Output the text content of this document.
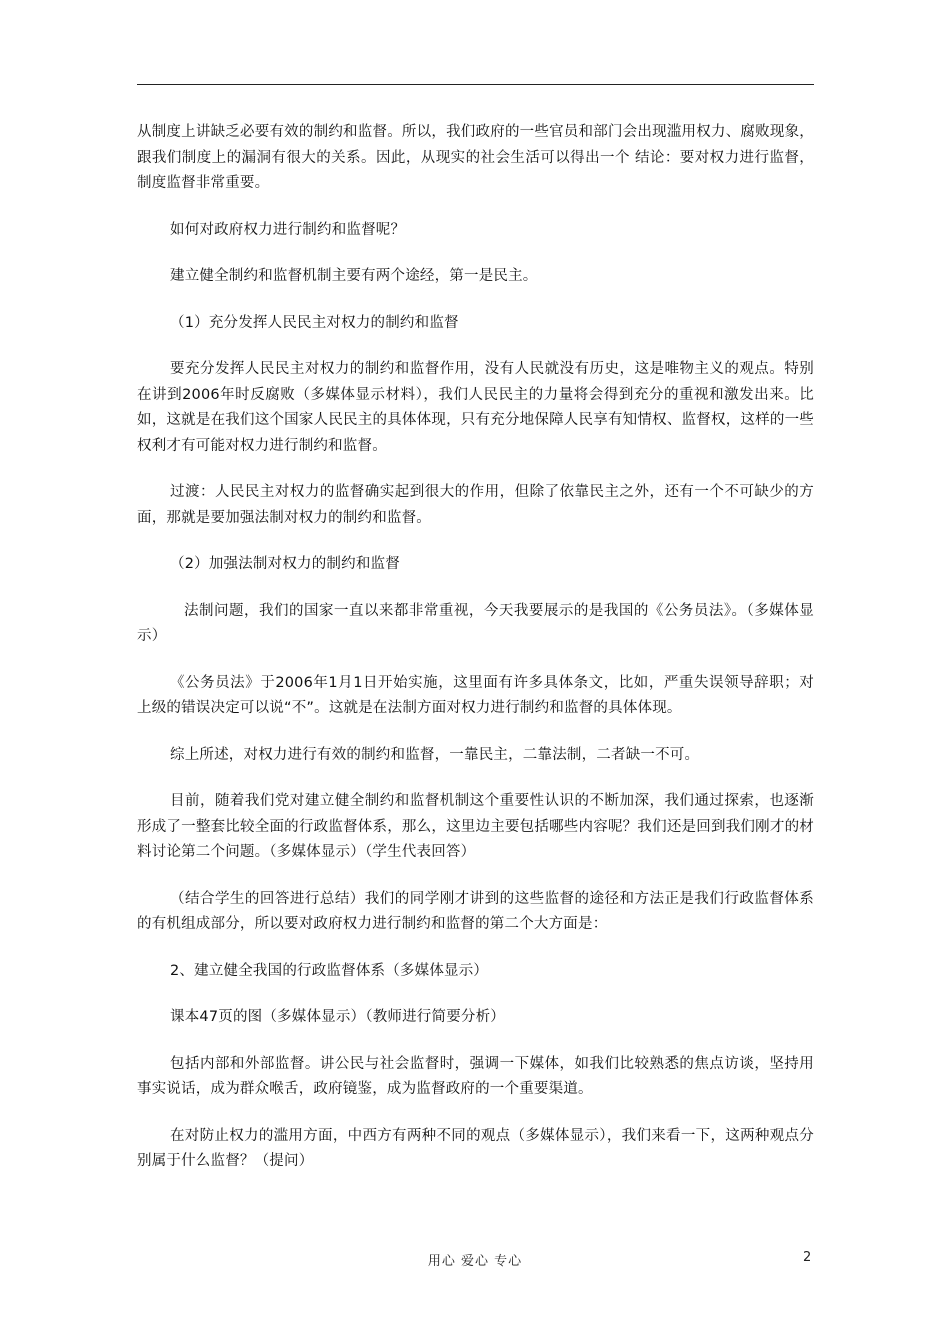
从制度上讲缺乏必要有效的制约和监督。所以，我们政府的一些官员和部门会出现滥用权力、腐败现象，跟我们制度上的漏洞有很大的关系。因此，从现实的社会生活可以得出一个 结论：要对权力进行监督，制度监督非常重要。

如何对政府权力进行制约和监督呢？

建立健全制约和监督机制主要有两个途经，第一是民主。

（1）充分发挥人民民主对权力的制约和监督

要充分发挥人民民主对权力的制约和监督作用，没有人民就没有历史，这是唯物主义的观点。特别在讲到2006年时反腐败（多媒体显示材料），我们人民民主的力量将会得到充分的重视和激发出来。比如，这就是在我们这个国家人民民主的具体体现，只有充分地保障人民享有知情权、监督权，这样的一些权利才有可能对权力进行制约和监督。

过渡：人民民主对权力的监督确实起到很大的作用，但除了依靠民主之外，还有一个不可缺少的方面，那就是要加强法制对权力的制约和监督。

（2）加强法制对权力的制约和监督

法制问题，我们的国家一直以来都非常重视，今天我要展示的是我国的《公务员法》。（多媒体显示）

《公务员法》于2006年1月1日开始实施，这里面有许多具体条文，比如，严重失误领导辞职；对上级的错误决定可以说“不”。这就是在法制方面对权力进行制约和监督的具体体现。

综上所述，对权力进行有效的制约和监督，一靠民主，二靠法制，二者缺一不可。

目前，随着我们党对建立健全制约和监督机制这个重要性认识的不断加深，我们通过探索，也逐渐形成了一整套比较全面的行政监督体系，那么，这里边主要包括哪些内容呢？我们还是回到我们刚才的材料讨论第二个问题。（多媒体显示）（学生代表回答）

（结合学生的回答进行总结）我们的同学刚才讲到的这些监督的途径和方法正是我们行政监督体系的有机组成部分，所以要对政府权力进行制约和监督的第二个大方面是：

2、建立健全我国的行政监督体系（多媒体显示）

课本47页的图（多媒体显示）（教师进行简要分析）

包括内部和外部监督。讲公民与社会监督时，强调一下媒体，如我们比较熟悉的焦点访谈，坚持用事实说话，成为群众喉舌，政府镜鉴，成为监督政府的一个重要渠道。

在对防止权力的滥用方面，中西方有两种不同的观点（多媒体显示），我们来看一下，这两种观点分别属于什么监督？（提问）

用心 爱心 专心	2
